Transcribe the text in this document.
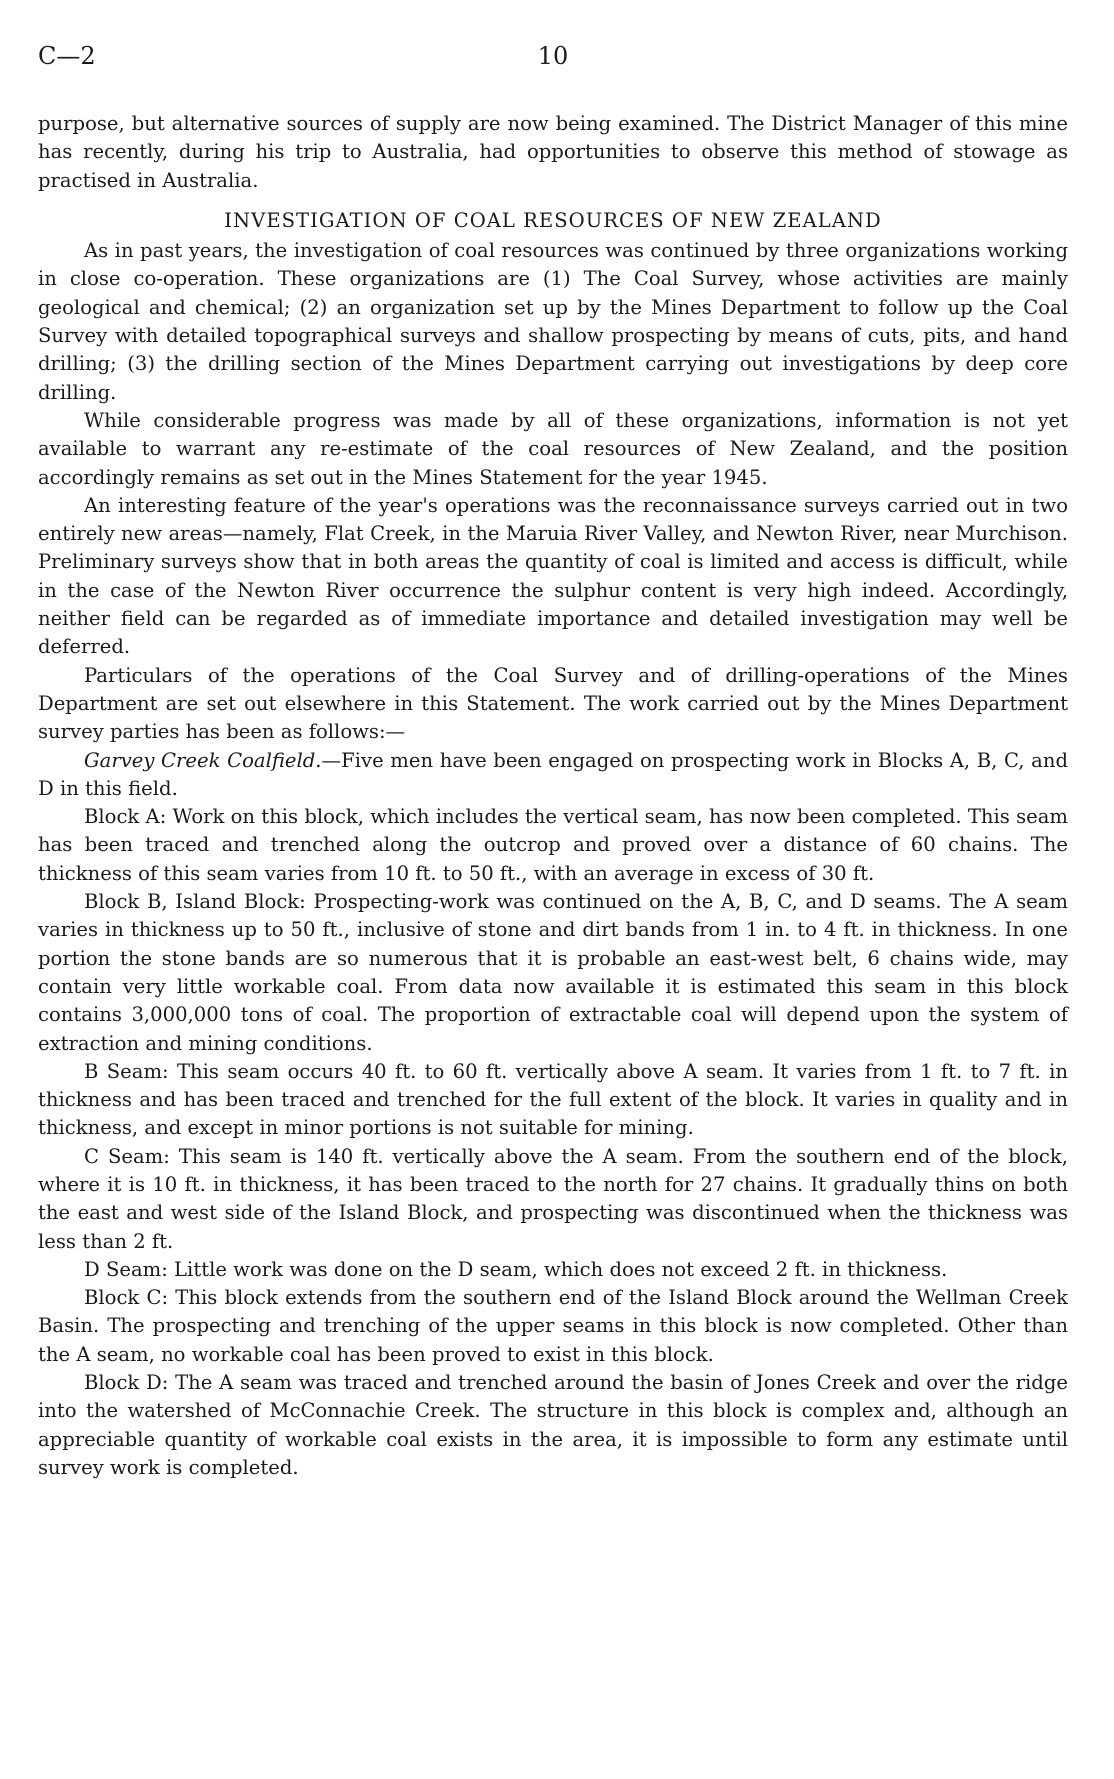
C—2	10

purpose, but alternative sources of supply are now being examined. The District Manager of this mine has recently, during his trip to Australia, had opportunities to observe this method of stowage as practised in Australia.

INVESTIGATION OF COAL RESOURCES OF NEW ZEALAND

As in past years, the investigation of coal resources was continued by three organizations working in close co-operation. These organizations are (1) The Coal Survey, whose activities are mainly geological and chemical; (2) an organization set up by the Mines Department to follow up the Coal Survey with detailed topographical surveys and shallow prospecting by means of cuts, pits, and hand drilling; (3) the drilling section of the Mines Department carrying out investigations by deep core drilling.

While considerable progress was made by all of these organizations, information is not yet available to warrant any re-estimate of the coal resources of New Zealand, and the position accordingly remains as set out in the Mines Statement for the year 1945.

An interesting feature of the year's operations was the reconnaissance surveys carried out in two entirely new areas—namely, Flat Creek, in the Maruia River Valley, and Newton River, near Murchison. Preliminary surveys show that in both areas the quantity of coal is limited and access is difficult, while in the case of the Newton River occurrence the sulphur content is very high indeed. Accordingly, neither field can be regarded as of immediate importance and detailed investigation may well be deferred.

Particulars of the operations of the Coal Survey and of drilling-operations of the Mines Department are set out elsewhere in this Statement. The work carried out by the Mines Department survey parties has been as follows:—

Garvey Creek Coalfield.—Five men have been engaged on prospecting work in Blocks A, B, C, and D in this field.

Block A: Work on this block, which includes the vertical seam, has now been completed. This seam has been traced and trenched along the outcrop and proved over a distance of 60 chains. The thickness of this seam varies from 10 ft. to 50 ft., with an average in excess of 30 ft.

Block B, Island Block: Prospecting-work was continued on the A, B, C, and D seams. The A seam varies in thickness up to 50 ft., inclusive of stone and dirt bands from 1 in. to 4 ft. in thickness. In one portion the stone bands are so numerous that it is probable an east-west belt, 6 chains wide, may contain very little workable coal. From data now available it is estimated this seam in this block contains 3,000,000 tons of coal. The proportion of extractable coal will depend upon the system of extraction and mining conditions.

B Seam: This seam occurs 40 ft. to 60 ft. vertically above A seam. It varies from 1 ft. to 7 ft. in thickness and has been traced and trenched for the full extent of the block. It varies in quality and in thickness, and except in minor portions is not suitable for mining.

C Seam: This seam is 140 ft. vertically above the A seam. From the southern end of the block, where it is 10 ft. in thickness, it has been traced to the north for 27 chains. It gradually thins on both the east and west side of the Island Block, and prospecting was discontinued when the thickness was less than 2 ft.

D Seam: Little work was done on the D seam, which does not exceed 2 ft. in thickness.

Block C: This block extends from the southern end of the Island Block around the Wellman Creek Basin. The prospecting and trenching of the upper seams in this block is now completed. Other than the A seam, no workable coal has been proved to exist in this block.

Block D: The A seam was traced and trenched around the basin of Jones Creek and over the ridge into the watershed of McConnachie Creek. The structure in this block is complex and, although an appreciable quantity of workable coal exists in the area, it is impossible to form any estimate until survey work is completed.
